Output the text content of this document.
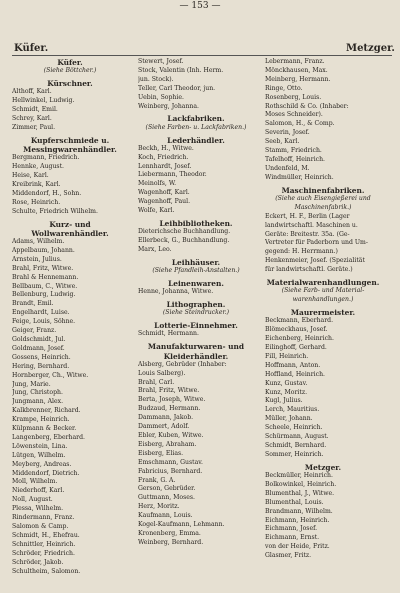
— 153 —
Küfer.	Metzger.
Küfer.
(Siehe Böttcher.)
Kürschner.
Althoff, Karl.
Hellwinkel, Ludwig.
Schmidt, Emil.
Schrey, Karl.
Zimmer, Paul.
Kupferschmiede u. Messingwarenhändler.
Bergmann, Friedrich.
Hennke, August.
Heise, Karl.
Kreibrink, Karl.
Middendorf, H., Sohn.
Rose, Heinrich.
Schulte, Friedrich Wilhelm.
Kurz- und Wollwarenhändler.
Adams, Wilhelm.
Appelbaum, Johann.
Arnstein, Julius.
Brahl, Fritz, Witwe.
Brahl & Hennemann.
Bellbaum, C., Witwe.
Bellenburg, Ludwig.
Brandt, Emil.
Engelhardt, Luise.
Feige, Louis, Söhne.
Geiger, Franz.
Goldschmidt, Jul.
Goldmann, Josef.
Gossens, Heinrich.
Hering, Bernhard.
Hornberger, Ch., Witwe.
Jung, Marie.
Jung, Christoph.
Jungmann, Alex.
Kalkbrenner, Richard.
Krampe, Heinrich.
Külpmann & Becker.
Langenberg, Eberhard.
Löwenstein, Lina.
Lütgen, Wilhelm.
Meyberg, Andreas.
Middendorf, Dietrich.
Moll, Wilhelm.
Niederhoff, Karl.
Noll, August.
Plessa, Wilhelm.
Rindermann, Franz.
Salomon & Camp.
Schmidt, H., Ehefrau.
Schnittler, Heinrich.
Schröder, Friedrich.
Schröder, Jakob.
Schultheim, Salomon.
Stewert, Josef.
Stock, Valentin (Inh. Herm.
jun. Stock).
Teller, Carl Theodor, jun.
Uebin, Sophie.
Weinberg, Johanna.
Lackfabriken.
(Siehe Farben- u. Lackfabriken.)
Lederhändler.
Beckh, H., Witwe.
Koch, Friedrich.
Lennhardt, Josef.
Liebermann, Theodor.
Meinolfs, W.
Wagenhoff, Karl.
Wagenhoff, Paul.
Wolfe, Karl.
Leihbibliotheken.
Dieterichsche Buchhandlung.
Ellerbeck, G., Buchhandlung.
Marx, Leo.
Leihhäuser.
(Siehe Pfandleih-Anstalten.)
Leinenwaren.
Henne, Johanna, Witwe.
Lithographen.
(Siehe Steindrucker.)
Lotterie-Einnehmer.
Schmidt, Hermann.
Manufakturwaren- und Kleiderhändler.
Alsberg, Gebrüder (Inhaber:
Louis Salberg).
Brahl, Carl.
Brahl, Fritz, Witwe.
Berta, Joseph, Witwe.
Budzaud, Hermann.
Dammann, Jakob.
Dammert, Adolf.
Ebler, Kuben, Witwe.
Eisberg, Abraham.
Eisberg, Elias.
Emschmann, Gustav.
Fabricius, Bernhard.
Frank, G. A.
Gerson, Gebrüder.
Guttmann, Moses.
Herz, Moritz.
Kaufmann, Louis.
Kogel-Kaufmann, Lehmann.
Kronenberg, Emma.
Weinberg, Bernhard.
Lebermann, Franz.
Mönckhausen, Max.
Meinberg, Hermann.
Ringe, Otto.
Rosenberg, Louis.
Rothschild & Co. (Inhaber:
Moses Schneider).
Salomon, H., & Comp.
Severin, Josef.
Seeb, Karl.
Stamm, Friedrich.
Tafelhoff, Heinrich.
Undenfeld, M.
Windmüller, Heinrich.
Maschinenfabriken.
(Siehe auch Eisengießerei und Maschinenfabrik.)
Eckert, H. F., Berlin (Lager
landwirtschaftl. Maschinen u.
Geräte: Breitestr. 35a. (Ge-
Vertreter für Paderborn und Um-
gegend: H. Herrmann.)
Henkenmeier, Josef. (Spezialität
für landwirtschaftl. Geräte.)
Materialwarenhandlungen.
(Siehe Farb- und Material-warenhandlungen.)
Maurermeister.
Beckmann, Eberhard.
Blömeckhaus, Josef.
Eichenberg, Heinrich.
Eilinghoff, Gerhard.
Fill, Heinrich.
Hoffmann, Anton.
Hoffland, Heinrich.
Kunz, Gustav.
Kunz, Moritz.
Kugl, Julius.
Lerch, Mauritius.
Müller, Johann.
Scheele, Heinrich.
Schürmann, August.
Schmidt, Bernhard.
Sommer, Heinrich.
Metzger.
Beckmüller, Heinrich.
Bolkowinkel, Heinrich.
Blumenthal, J., Witwe.
Blumenthal, Louis.
Brandmann, Wilhelm.
Eichmann, Heinrich.
Eichmann, Josef.
Eichmann, Ernst.
von der Heide, Fritz.
Glasmer, Fritz.
